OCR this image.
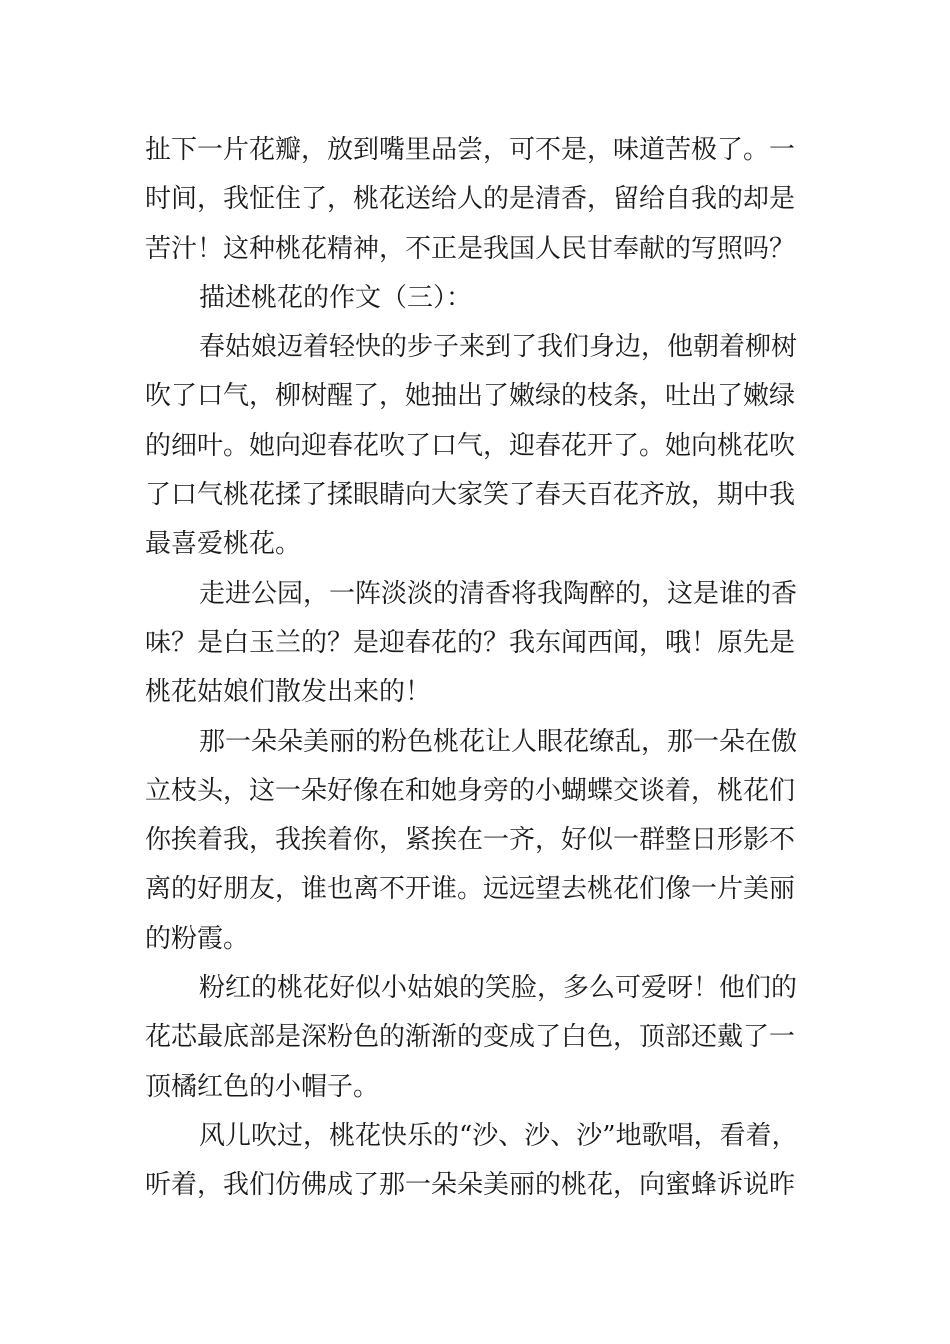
扯下一片花瓣，放到嘴里品尝，可不是，味道苦极了。一
时间，我怔住了，桃花送给人的是清香，留给自我的却是
苦汁！这种桃花精神，不正是我国人民甘奉献的写照吗？
描述桃花的作文（三）：
春姑娘迈着轻快的步子来到了我们身边，他朝着柳树
吹了口气，柳树醒了，她抽出了嫩绿的枝条，吐出了嫩绿
的细叶。她向迎春花吹了口气，迎春花开了。她向桃花吹
了口气桃花揉了揉眼睛向大家笑了春天百花齐放，期中我
最喜爱桃花。
走进公园，一阵淡淡的清香将我陶醉的，这是谁的香
味？是白玉兰的？是迎春花的？我东闻西闻，哦！原先是
桃花姑娘们散发出来的！
那一朵朵美丽的粉色桃花让人眼花缭乱，那一朵在傲
立枝头，这一朵好像在和她身旁的小蝴蝶交谈着，桃花们
你挨着我，我挨着你，紧挨在一齐，好似一群整日形影不
离的好朋友，谁也离不开谁。远远望去桃花们像一片美丽
的粉霞。
粉红的桃花好似小姑娘的笑脸，多么可爱呀！他们的
花芯最底部是深粉色的渐渐的变成了白色，顶部还戴了一
顶橘红色的小帽子。
风儿吹过，桃花快乐的“沙、沙、沙”地歌唱，看着，
听着，我们仿佛成了那一朵朵美丽的桃花，向蜜蜂诉说昨
